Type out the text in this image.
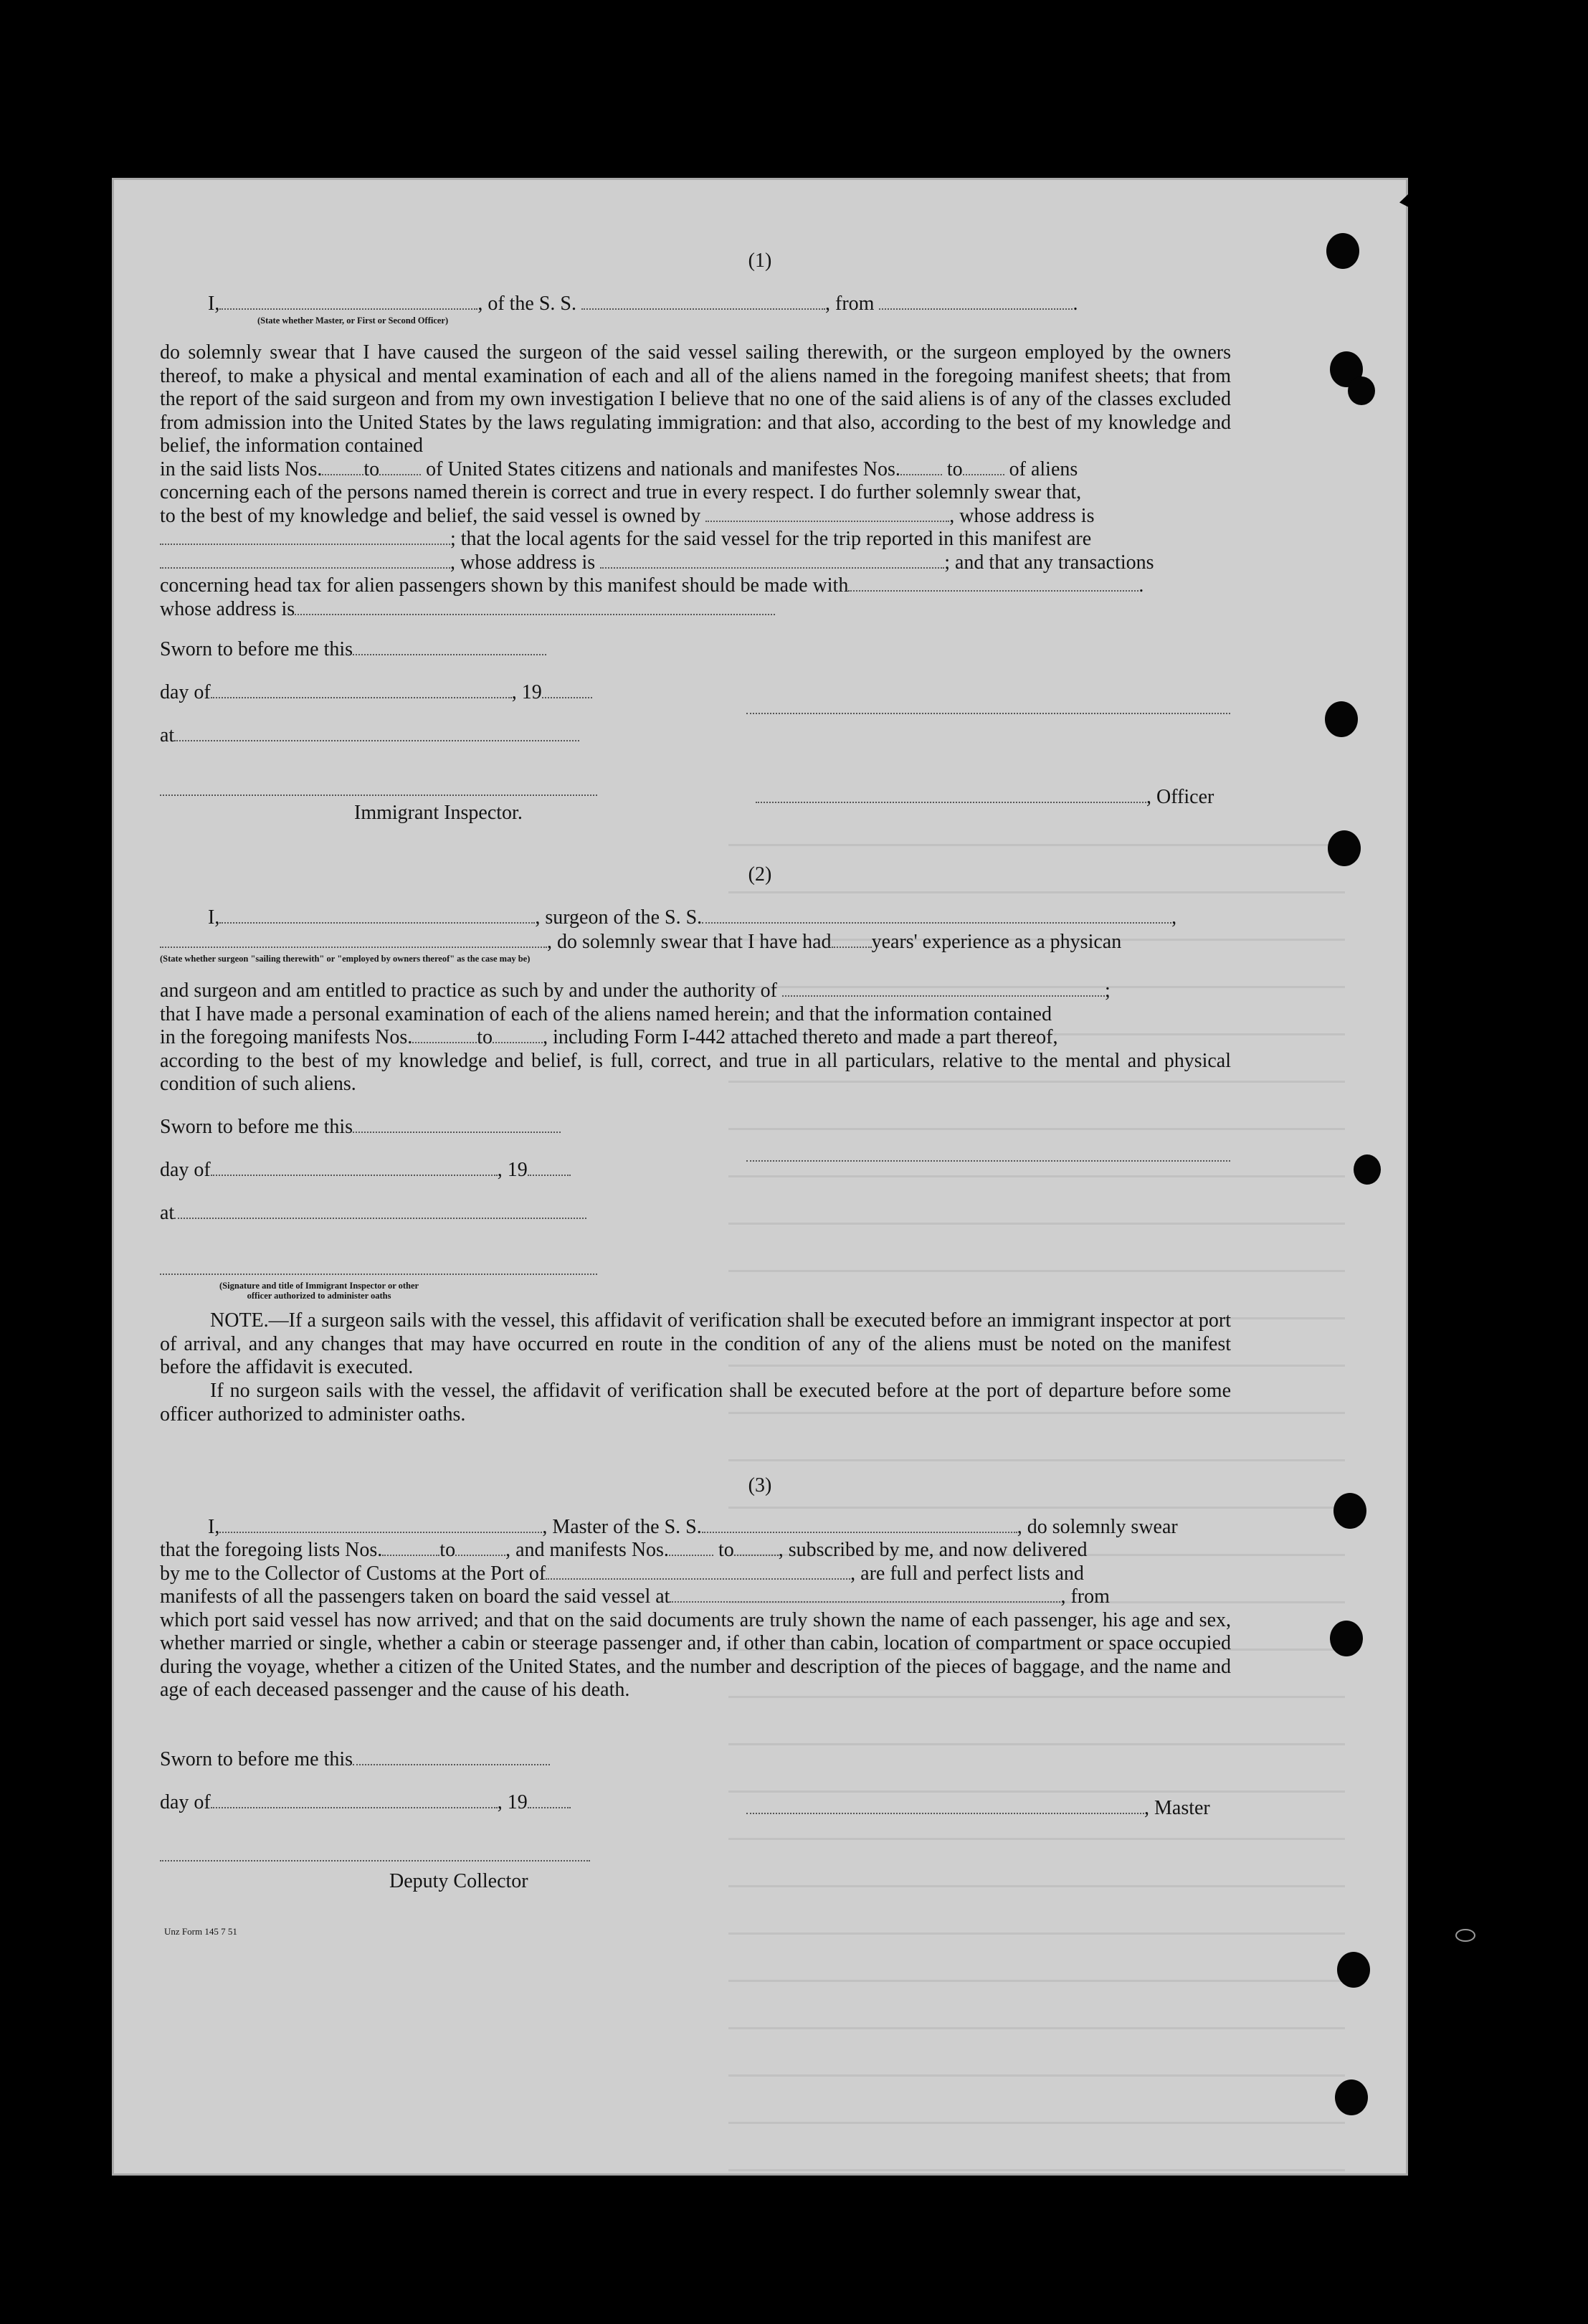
(1)
I,	, of the S. S.	, from	.
(State whether Master, or First or Second Officer)
do solemnly swear that I have caused the surgeon of the said vessel sailing therewith, or the surgeon employed by the owners thereof, to make a physical and mental examination of each and all of the aliens named in the foregoing manifest sheets; that from the report of the said surgeon and from my own investigation I believe that no one of the said aliens is of any of the classes excluded from admission into the United States by the laws regulating immigration: and that also, according to the best of my knowledge and belief, the information contained
in the said lists Nos. to of United States citizens and nationals and manifestes Nos. to of aliens
concerning each of the persons named therein is correct and true in every respect. I do further solemnly swear that,
to the best of my knowledge and belief, the said vessel is owned by	, whose address is
; that the local agents for the said vessel for the trip reported in this manifest are
, whose address is	; and that any transactions
concerning head tax for alien passengers shown by this manifest should be made with	.
whose address is
Sworn to before me this
day of	, 19
at
, Officer
Immigrant Inspector.
(2)
I,	, surgeon of the S. S.	,
, do solemnly swear that I have had years' experience as a physican
(State whether surgeon "sailing therewith" or "employed by owners thereof" as the case may be)
and surgeon and am entitled to practice as such by and under the authority of	;
that I have made a personal examination of each of the aliens named herein; and that the information contained
in the foregoing manifests Nos.	to	, including Form I-442 attached thereto and made a part thereof,
according to the best of my knowledge and belief, is full, correct, and true in all particulars, relative to the mental and physical condition of such aliens.
Sworn to before me this
day of	, 19
at
(Signature and title of Immigrant Inspector or other
officer authorized to administer oaths
NOTE.—If a surgeon sails with the vessel, this affidavit of verification shall be executed before an immigrant inspector at port of arrival, and any changes that may have occurred en route in the condition of any of the aliens must be noted on the manifest before the affidavit is executed.
If no surgeon sails with the vessel, the affidavit of verification shall be executed before at the port of departure before some officer authorized to administer oaths.
(3)
I,	, Master of the S. S.	, do solemnly swear
that the foregoing lists Nos.	to	, and manifests Nos. to , subscribed by me, and now delivered
by me to the Collector of Customs at the Port of	, are full and perfect lists and
manifests of all the passengers taken on board the said vessel at	, from
which port said vessel has now arrived; and that on the said documents are truly shown the name of each passenger, his age and sex, whether married or single, whether a cabin or steerage passenger and, if other than cabin, location of compartment or space occupied during the voyage, whether a citizen of the United States, and the number and description of the pieces of baggage, and the name and age of each deceased passenger and the cause of his death.
Sworn to before me this
day of	, 19	, Master
Deputy Collector
Unz Form 145 7 51
